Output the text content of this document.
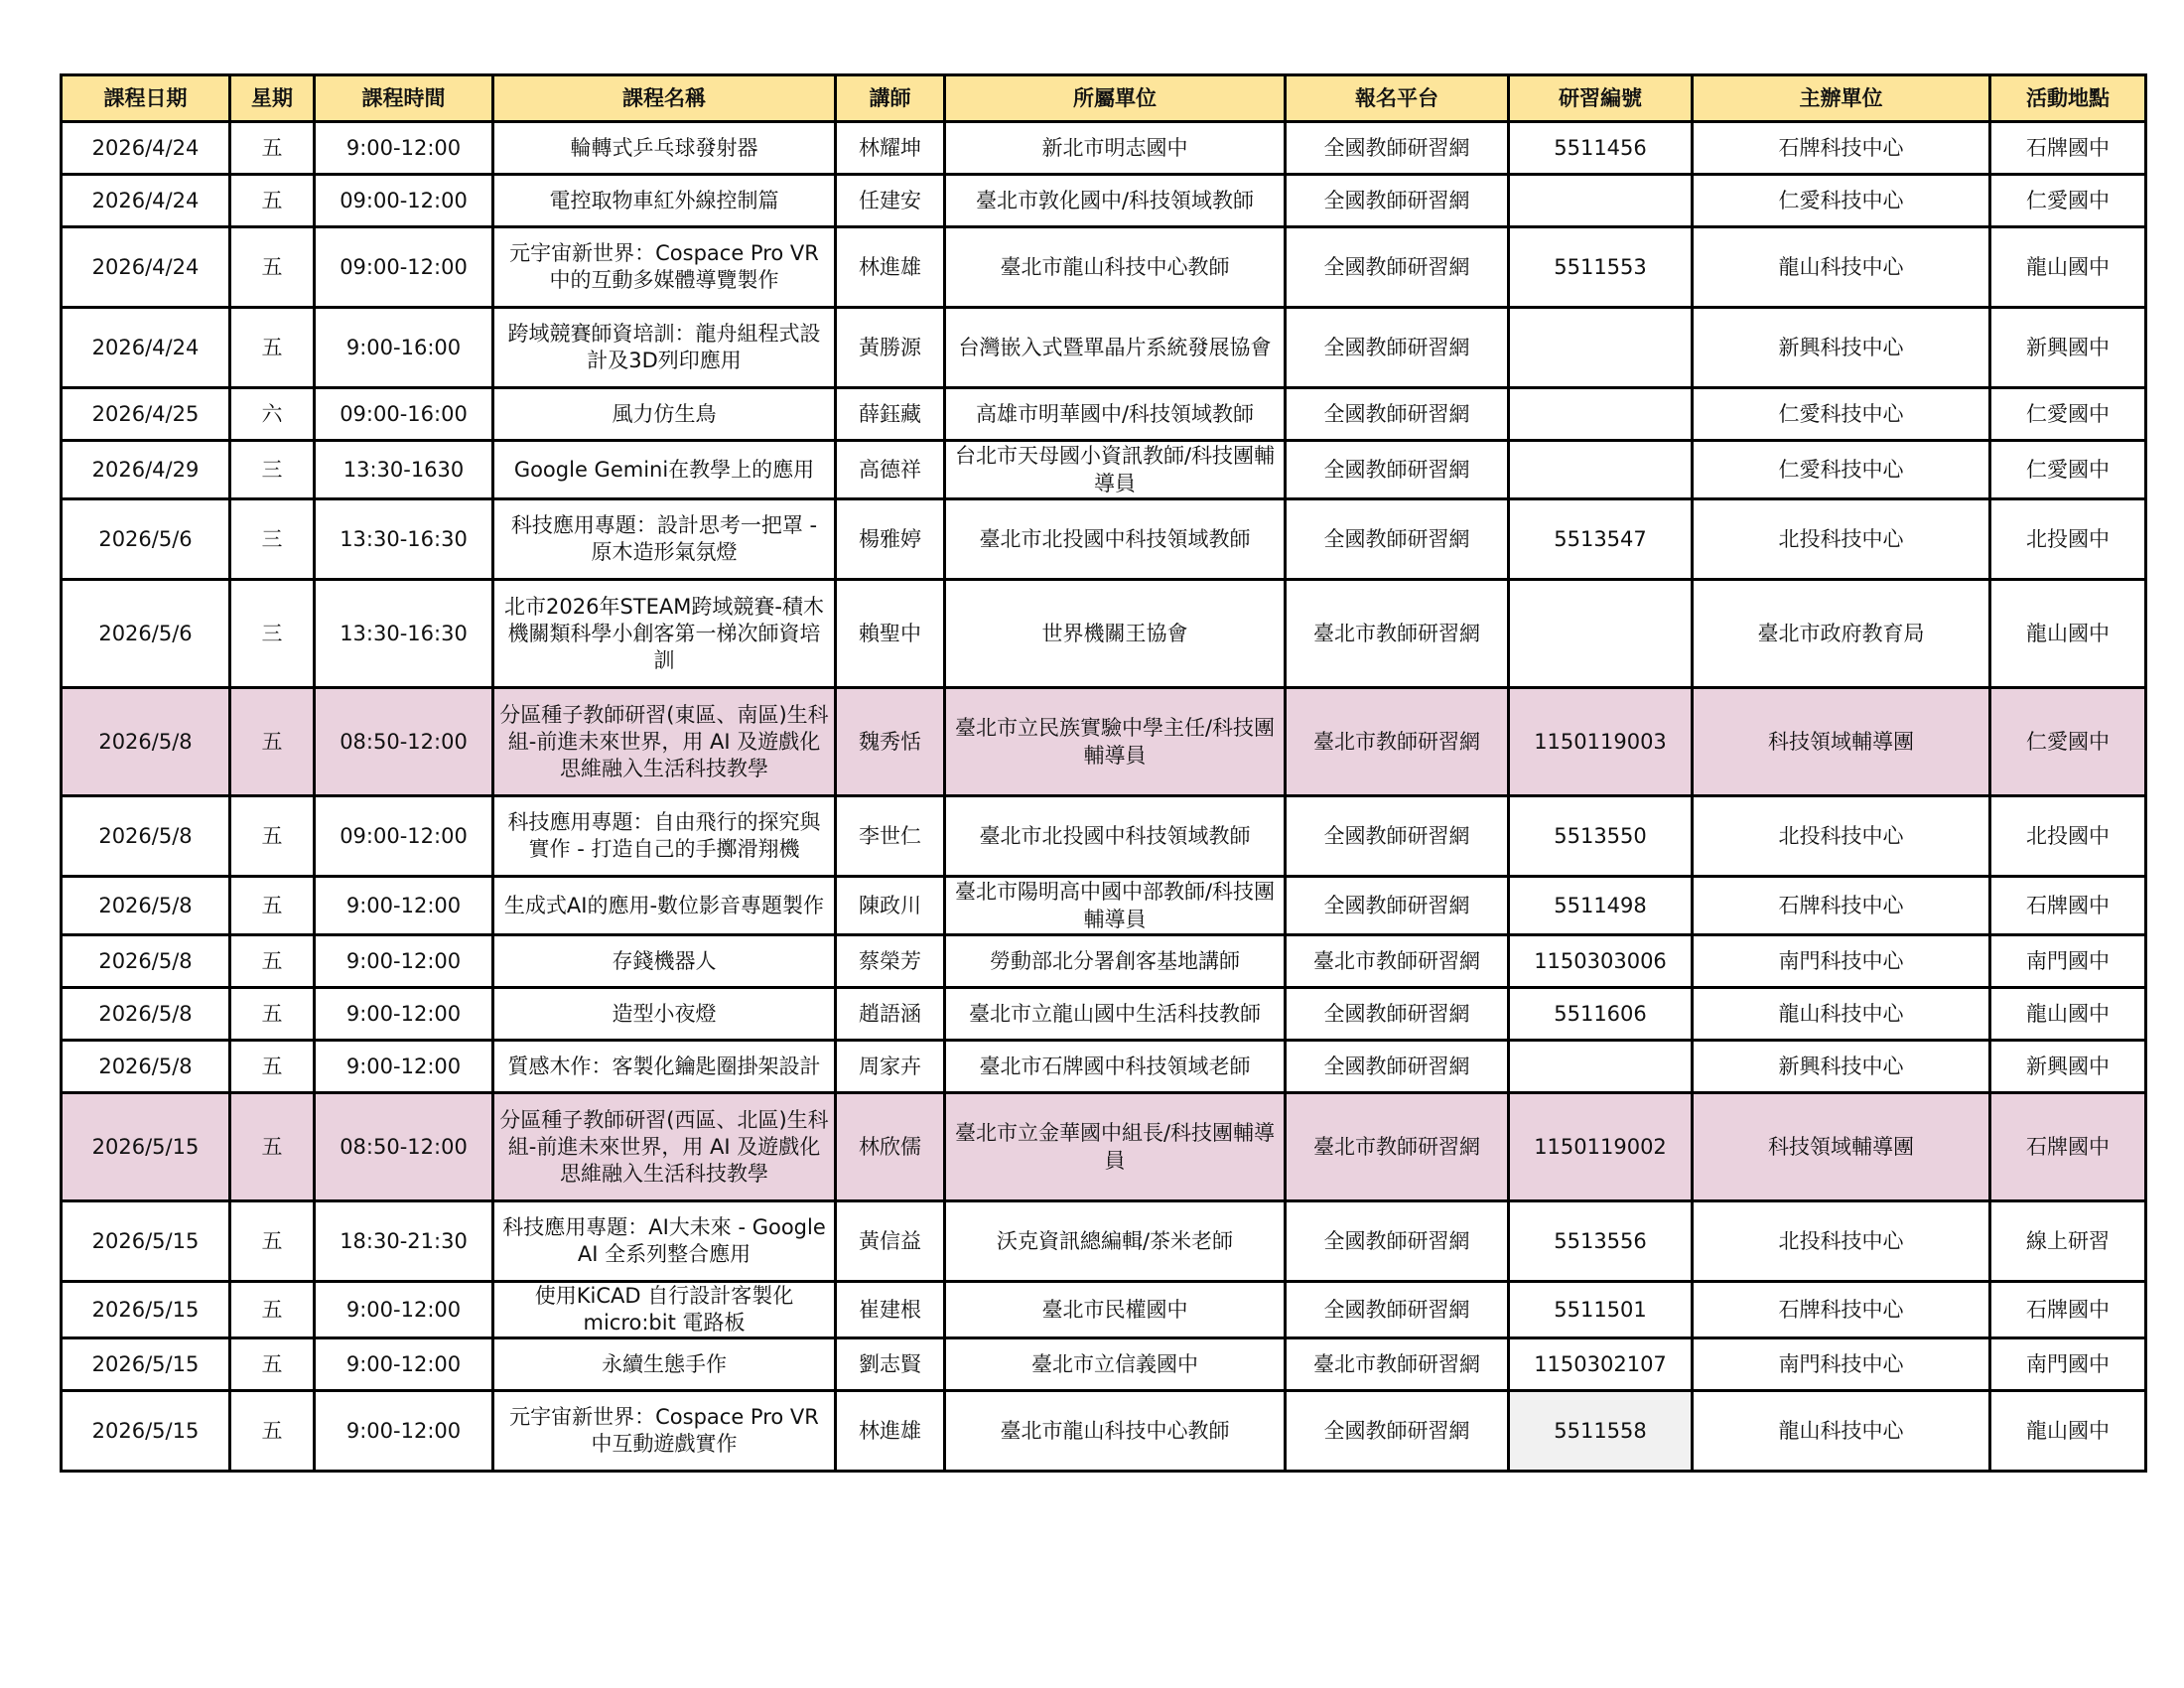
課程日期	星期	課程時間	課程名稱	講師	所屬單位	報名平台	研習編號	主辦單位	活動地點
2026/4/24	五	9:00-12:00	輪轉式乒乓球發射器	林耀坤	新北市明志國中	全國教師研習網	5511456	石牌科技中心	石牌國中
2026/4/24	五	09:00-12:00	電控取物車紅外線控制篇	任建安	臺北市敦化國中/科技領域教師	全國教師研習網		仁愛科技中心	仁愛國中
2026/4/24	五	09:00-12:00	元宇宙新世界：Cospace Pro VR 中的互動多媒體導覽製作	林進雄	臺北市龍山科技中心教師	全國教師研習網	5511553	龍山科技中心	龍山國中
2026/4/24	五	9:00-16:00	跨域競賽師資培訓：龍舟組程式設計及3D列印應用	黃勝源	台灣嵌入式暨單晶片系統發展協會	全國教師研習網		新興科技中心	新興國中
2026/4/25	六	09:00-16:00	風力仿生鳥	薛鈺藏	高雄市明華國中/科技領域教師	全國教師研習網		仁愛科技中心	仁愛國中
2026/4/29	三	13:30-1630	Google Gemini在教學上的應用	高德祥	台北市天母國小資訊教師/科技團輔導員	全國教師研習網		仁愛科技中心	仁愛國中
2026/5/6	三	13:30-16:30	科技應用專題：設計思考一把罩 - 原木造形氣氛燈	楊雅婷	臺北市北投國中科技領域教師	全國教師研習網	5513547	北投科技中心	北投國中
2026/5/6	三	13:30-16:30	北市2026年STEAM跨域競賽-積木機關類科學小創客第一梯次師資培訓	賴聖中	世界機關王協會	臺北市教師研習網		臺北市政府教育局	龍山國中
2026/5/8	五	08:50-12:00	分區種子教師研習(東區、南區)生科組-前進未來世界，用 AI 及遊戲化思維融入生活科技教學	魏秀恬	臺北市立民族實驗中學主任/科技團輔導員	臺北市教師研習網	1150119003	科技領域輔導團	仁愛國中
2026/5/8	五	09:00-12:00	科技應用專題：自由飛行的探究與實作 - 打造自己的手擲滑翔機	李世仁	臺北市北投國中科技領域教師	全國教師研習網	5513550	北投科技中心	北投國中
2026/5/8	五	9:00-12:00	生成式AI的應用-數位影音專題製作	陳政川	臺北市陽明高中國中部教師/科技團輔導員	全國教師研習網	5511498	石牌科技中心	石牌國中
2026/5/8	五	9:00-12:00	存錢機器人	蔡榮芳	勞動部北分署創客基地講師	臺北市教師研習網	1150303006	南門科技中心	南門國中
2026/5/8	五	9:00-12:00	造型小夜燈	趙語涵	臺北市立龍山國中生活科技教師	全國教師研習網	5511606	龍山科技中心	龍山國中
2026/5/8	五	9:00-12:00	質感木作：客製化鑰匙圈掛架設計	周家卉	臺北市石牌國中科技領域老師	全國教師研習網		新興科技中心	新興國中
2026/5/15	五	08:50-12:00	分區種子教師研習(西區、北區)生科組-前進未來世界，用 AI 及遊戲化思維融入生活科技教學	林欣儒	臺北市立金華國中組長/科技團輔導員	臺北市教師研習網	1150119002	科技領域輔導團	石牌國中
2026/5/15	五	18:30-21:30	科技應用專題：AI大未來 - Google AI 全系列整合應用	黃信益	沃克資訊總編輯/茶米老師	全國教師研習網	5513556	北投科技中心	線上研習
2026/5/15	五	9:00-12:00	使用KiCAD 自行設計客製化 micro:bit 電路板	崔建根	臺北市民權國中	全國教師研習網	5511501	石牌科技中心	石牌國中
2026/5/15	五	9:00-12:00	永續生態手作	劉志賢	臺北市立信義國中	臺北市教師研習網	1150302107	南門科技中心	南門國中
2026/5/15	五	9:00-12:00	元宇宙新世界：Cospace Pro VR 中互動遊戲實作	林進雄	臺北市龍山科技中心教師	全國教師研習網	5511558	龍山科技中心	龍山國中
